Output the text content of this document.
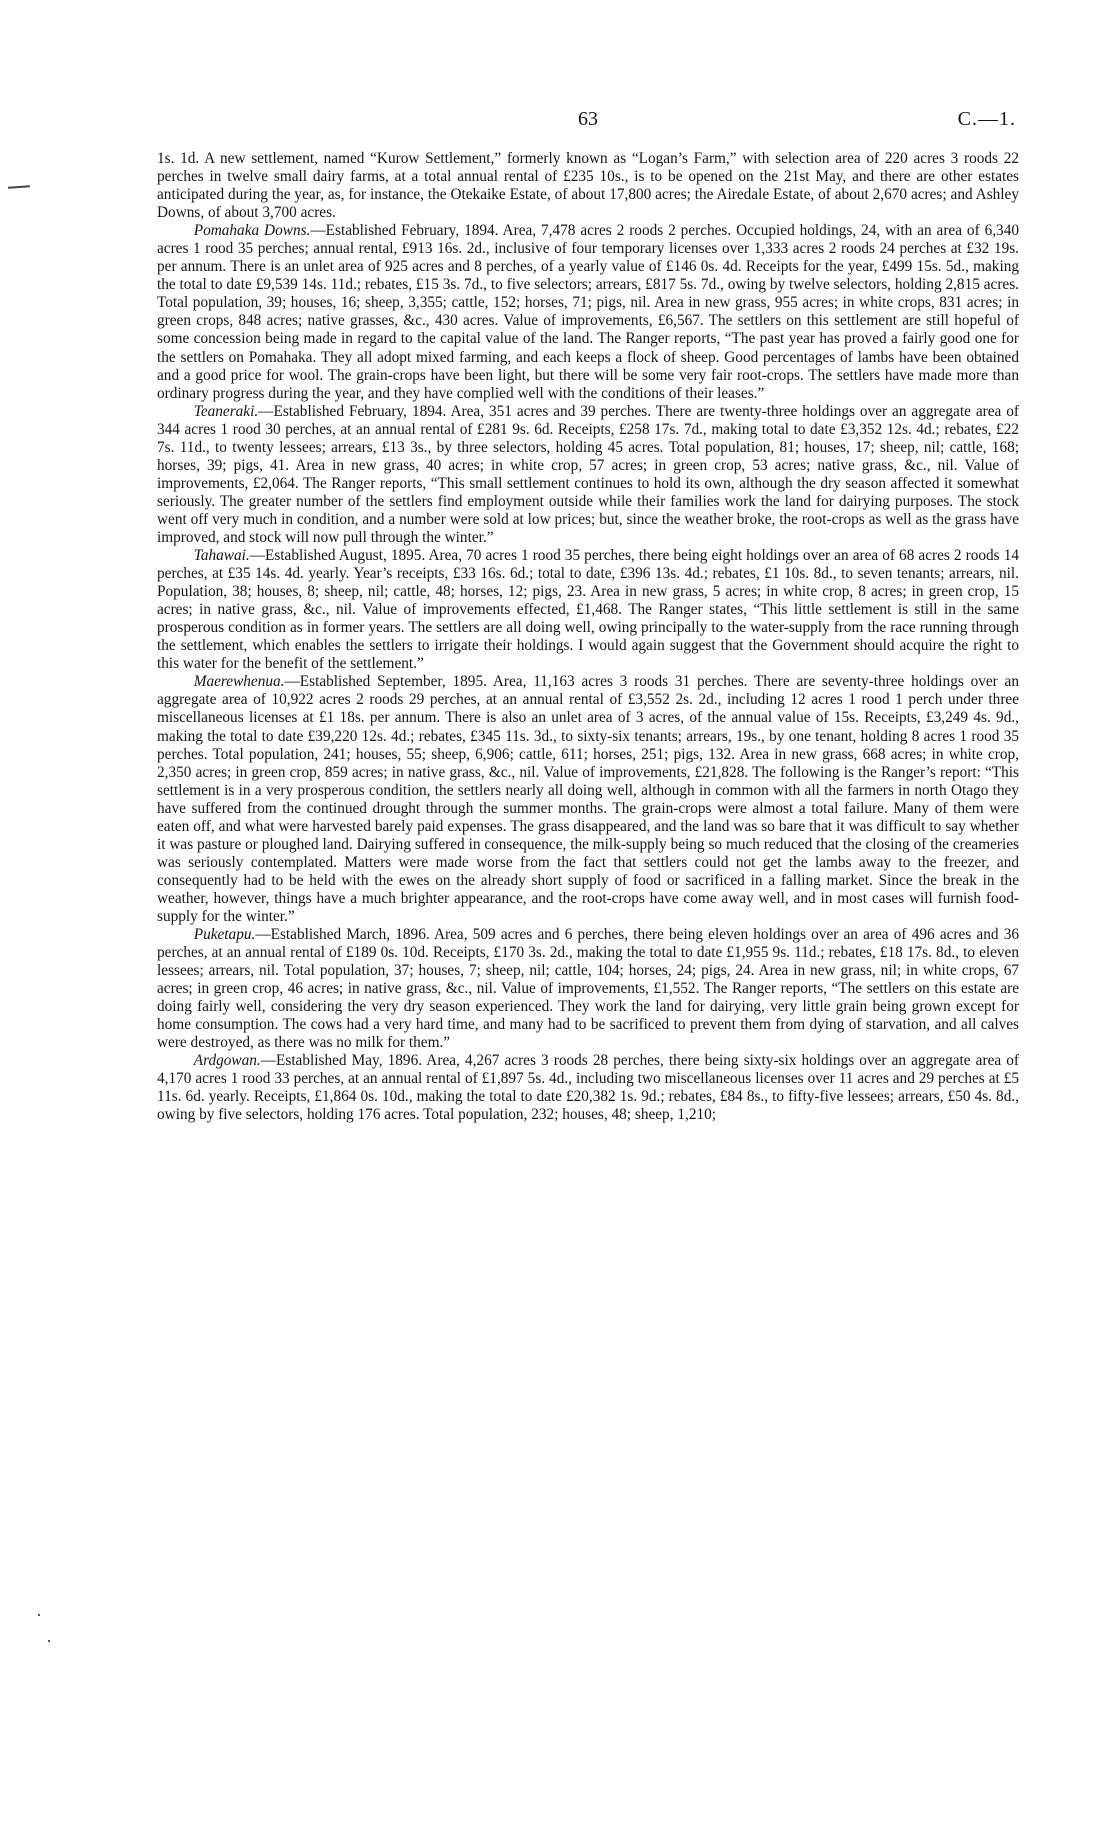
63	C.—1.

1s. 1d. A new settlement, named “Kurow Settlement,” formerly known as “Logan’s Farm,” with selection area of 220 acres 3 roods 22 perches in twelve small dairy farms, at a total annual rental of £235 10s., is to be opened on the 21st May, and there are other estates anticipated during the year, as, for instance, the Otekaike Estate, of about 17,800 acres; the Airedale Estate, of about 2,670 acres; and Ashley Downs, of about 3,700 acres.

Pomahaka Downs.—Established February, 1894. Area, 7,478 acres 2 roods 2 perches. Occupied holdings, 24, with an area of 6,340 acres 1 rood 35 perches; annual rental, £913 16s. 2d., inclusive of four temporary licenses over 1,333 acres 2 roods 24 perches at £32 19s. per annum. There is an unlet area of 925 acres and 8 perches, of a yearly value of £146 0s. 4d. Receipts for the year, £499 15s. 5d., making the total to date £9,539 14s. 11d.; rebates, £15 3s. 7d., to five selectors; arrears, £817 5s. 7d., owing by twelve selectors, holding 2,815 acres. Total population, 39; houses, 16; sheep, 3,355; cattle, 152; horses, 71; pigs, nil. Area in new grass, 955 acres; in white crops, 831 acres; in green crops, 848 acres; native grasses, &c., 430 acres. Value of improvements, £6,567. The settlers on this settlement are still hopeful of some concession being made in regard to the capital value of the land. The Ranger reports, “The past year has proved a fairly good one for the settlers on Pomahaka. They all adopt mixed farming, and each keeps a flock of sheep. Good percentages of lambs have been obtained and a good price for wool. The grain-crops have been light, but there will be some very fair root-crops. The settlers have made more than ordinary progress during the year, and they have complied well with the conditions of their leases.”

Teaneraki.—Established February, 1894. Area, 351 acres and 39 perches. There are twenty-three holdings over an aggregate area of 344 acres 1 rood 30 perches, at an annual rental of £281 9s. 6d. Receipts, £258 17s. 7d., making total to date £3,352 12s. 4d.; rebates, £22 7s. 11d., to twenty lessees; arrears, £13 3s., by three selectors, holding 45 acres. Total population, 81; houses, 17; sheep, nil; cattle, 168; horses, 39; pigs, 41. Area in new grass, 40 acres; in white crop, 57 acres; in green crop, 53 acres; native grass, &c., nil. Value of improvements, £2,064. The Ranger reports, “This small settlement continues to hold its own, although the dry season affected it somewhat seriously. The greater number of the settlers find employment outside while their families work the land for dairying purposes. The stock went off very much in condition, and a number were sold at low prices; but, since the weather broke, the root-crops as well as the grass have improved, and stock will now pull through the winter.”

Tahawai.—Established August, 1895. Area, 70 acres 1 rood 35 perches, there being eight holdings over an area of 68 acres 2 roods 14 perches, at £35 14s. 4d. yearly. Year’s receipts, £33 16s. 6d.; total to date, £396 13s. 4d.; rebates, £1 10s. 8d., to seven tenants; arrears, nil. Population, 38; houses, 8; sheep, nil; cattle, 48; horses, 12; pigs, 23. Area in new grass, 5 acres; in white crop, 8 acres; in green crop, 15 acres; in native grass, &c., nil. Value of improvements effected, £1,468. The Ranger states, “This little settlement is still in the same prosperous condition as in former years. The settlers are all doing well, owing principally to the water-supply from the race running through the settlement, which enables the settlers to irrigate their holdings. I would again suggest that the Government should acquire the right to this water for the benefit of the settlement.”

Maerewhenua.—Established September, 1895. Area, 11,163 acres 3 roods 31 perches. There are seventy-three holdings over an aggregate area of 10,922 acres 2 roods 29 perches, at an annual rental of £3,552 2s. 2d., including 12 acres 1 rood 1 perch under three miscellaneous licenses at £1 18s. per annum. There is also an unlet area of 3 acres, of the annual value of 15s. Receipts, £3,249 4s. 9d., making the total to date £39,220 12s. 4d.; rebates, £345 11s. 3d., to sixty-six tenants; arrears, 19s., by one tenant, holding 8 acres 1 rood 35 perches. Total population, 241; houses, 55; sheep, 6,906; cattle, 611; horses, 251; pigs, 132. Area in new grass, 668 acres; in white crop, 2,350 acres; in green crop, 859 acres; in native grass, &c., nil. Value of improvements, £21,828. The following is the Ranger’s report: “This settlement is in a very prosperous condition, the settlers nearly all doing well, although in common with all the farmers in north Otago they have suffered from the continued drought through the summer months. The grain-crops were almost a total failure. Many of them were eaten off, and what were harvested barely paid expenses. The grass disappeared, and the land was so bare that it was difficult to say whether it was pasture or ploughed land. Dairying suffered in consequence, the milk-supply being so much reduced that the closing of the creameries was seriously contemplated. Matters were made worse from the fact that settlers could not get the lambs away to the freezer, and consequently had to be held with the ewes on the already short supply of food or sacrificed in a falling market. Since the break in the weather, however, things have a much brighter appearance, and the root-crops have come away well, and in most cases will furnish food-supply for the winter.”

Puketapu.—Established March, 1896. Area, 509 acres and 6 perches, there being eleven holdings over an area of 496 acres and 36 perches, at an annual rental of £189 0s. 10d. Receipts, £170 3s. 2d., making the total to date £1,955 9s. 11d.; rebates, £18 17s. 8d., to eleven lessees; arrears, nil. Total population, 37; houses, 7; sheep, nil; cattle, 104; horses, 24; pigs, 24. Area in new grass, nil; in white crops, 67 acres; in green crop, 46 acres; in native grass, &c., nil. Value of improvements, £1,552. The Ranger reports, “The settlers on this estate are doing fairly well, considering the very dry season experienced. They work the land for dairying, very little grain being grown except for home consumption. The cows had a very hard time, and many had to be sacrificed to prevent them from dying of starvation, and all calves were destroyed, as there was no milk for them.”

Ardgowan.—Established May, 1896. Area, 4,267 acres 3 roods 28 perches, there being sixty-six holdings over an aggregate area of 4,170 acres 1 rood 33 perches, at an annual rental of £1,897 5s. 4d., including two miscellaneous licenses over 11 acres and 29 perches at £5 11s. 6d. yearly. Receipts, £1,864 0s. 10d., making the total to date £20,382 1s. 9d.; rebates, £84 8s., to fifty-five lessees; arrears, £50 4s. 8d., owing by five selectors, holding 176 acres. Total population, 232; houses, 48; sheep, 1,210;
